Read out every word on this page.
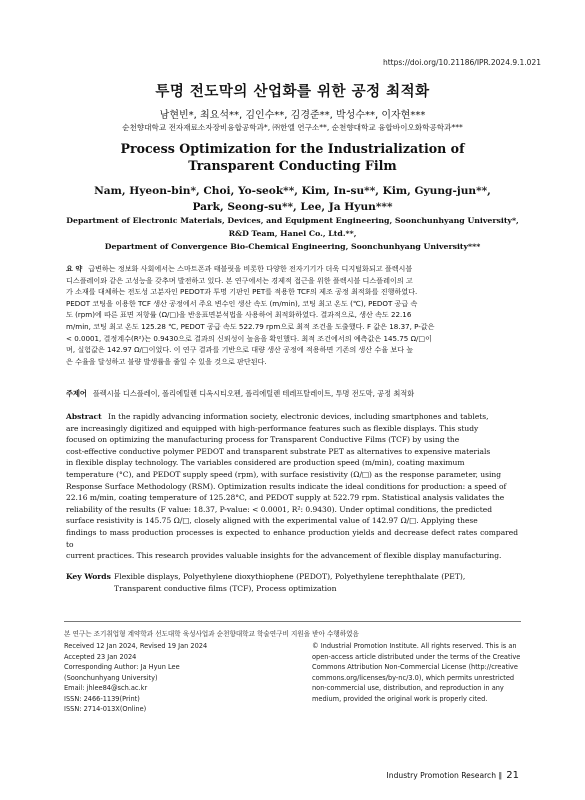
https://doi.org/10.21186/IPR.2024.9.1.021
투명 전도막의 산업화를 위한 공정 최적화
남현빈*, 최요석**, 김인수**, 김경준**, 박성수**, 이자현***
순천향대학교 전자재료소자장비융합공학과*, ㈜한엘 연구소**, 순천향대학교 융합바이오화학공학과***
Process Optimization for the Industrialization of
Transparent Conducting Film
Nam, Hyeon-bin*, Choi, Yo-seok**, Kim, In-su**, Kim, Gyung-jun**,
Park, Seong-su**, Lee, Ja Hyun***
Department of Electronic Materials, Devices, and Equipment Engineering, Soonchunhyang University*,
R&D Team, Hanel Co., Ltd.**,
Department of Convergence Bio-Chemical Engineering, Soonchunhyang University***
요 약 급변하는 정보화 사회에서는 스마트폰과 태블릿을 비롯한 다양한 전자기기가 더욱 디지털화되고 플렉시블
디스플레이와 같은 고성능을 갖추며 발전하고 있다. 본 연구에서는 경제적 접근을 위한 플렉시블 디스플레이의 고
가 소재를 대체하는 전도성 고분자인 PEDOT과 투명 기판인 PET를 적용한 TCF의 제조 공정 최적화를 진행하였다.
PEDOT 코팅을 이용한 TCF 생산 공정에서 주요 변수인 생산 속도 (m/min), 코팅 최고 온도 (℃), PEDOT 공급 속
도 (rpm)에 따른 표면 저항률 (Ω/□)을 반응표면분석법을 사용하여 최적화하였다. 결과적으로, 생산 속도 22.16
m/min, 코팅 최고 온도 125.28 ℃, PEDOT 공급 속도 522.79 rpm으로 최적 조건을 도출했다. F 값은 18.37, P-값은
< 0.0001, 결정계수(R²)는 0.9430으로 결과의 신뢰성이 높음을 확인했다. 최적 조건에서의 예측값은 145.75 Ω/□이
며, 실험값은 142.97 Ω/□이었다. 이 연구 결과를 기반으로 대량 생산 공정에 적용하면 기존의 생산 수율 보다 높
은 수율을 달성하고 불량 발생률을 줄일 수 있을 것으로 판단된다.
주제어 플렉시블 디스플레이, 폴리에틸렌 디옥시티오펜, 폴리에틸렌 테레프탈레이트, 투명 전도막, 공정 최적화
Abstract In the rapidly advancing information society, electronic devices, including smartphones and tablets,
are increasingly digitized and equipped with high-performance features such as flexible displays. This study
focused on optimizing the manufacturing process for Transparent Conductive Films (TCF) by using the
cost-effective conductive polymer PEDOT and transparent substrate PET as alternatives to expensive materials
in flexible display technology. The variables considered are production speed (m/min), coating maximum
temperature (°C), and PEDOT supply speed (rpm), with surface resistivity (Ω/□) as the response parameter, using
Response Surface Methodology (RSM). Optimization results indicate the ideal conditions for production: a speed of
22.16 m/min, coating temperature of 125.28°C, and PEDOT supply at 522.79 rpm. Statistical analysis validates the
reliability of the results (F value: 18.37, P-value: < 0.0001, R²: 0.9430). Under optimal conditions, the predicted
surface resistivity is 145.75 Ω/□, closely aligned with the experimental value of 142.97 Ω/□. Applying these
findings to mass production processes is expected to enhance production yields and decrease defect rates compared to
current practices. This research provides valuable insights for the advancement of flexible display manufacturing.
Key Words Flexible displays, Polyethylene dioxythiophene (PEDOT), Polyethylene terephthalate (PET),
Transparent conductive films (TCF), Process optimization
본 연구는 조기취업형 계약학과 선도대학 육성사업과 순천향대학교 학술연구비 지원을 받아 수행하였음
Received 12 Jan 2024, Revised 19 Jan 2024
Accepted 23 Jan 2024
Corresponding Author: Ja Hyun Lee
(Soonchunhyang University)
Email: jhlee84@sch.ac.kr
ISSN: 2466-1139(Print)
ISSN: 2714-013X(Online)
© Industrial Promotion Institute. All rights reserved. This is an
open-access article distributed under the terms of the Creative
Commons Attribution Non-Commercial License (http://creative
commons.org/licenses/by-nc/3.0), which permits unrestricted
non-commercial use, distribution, and reproduction in any
medium, provided the original work is properly cited.
Industry Promotion Research ∥ 21
